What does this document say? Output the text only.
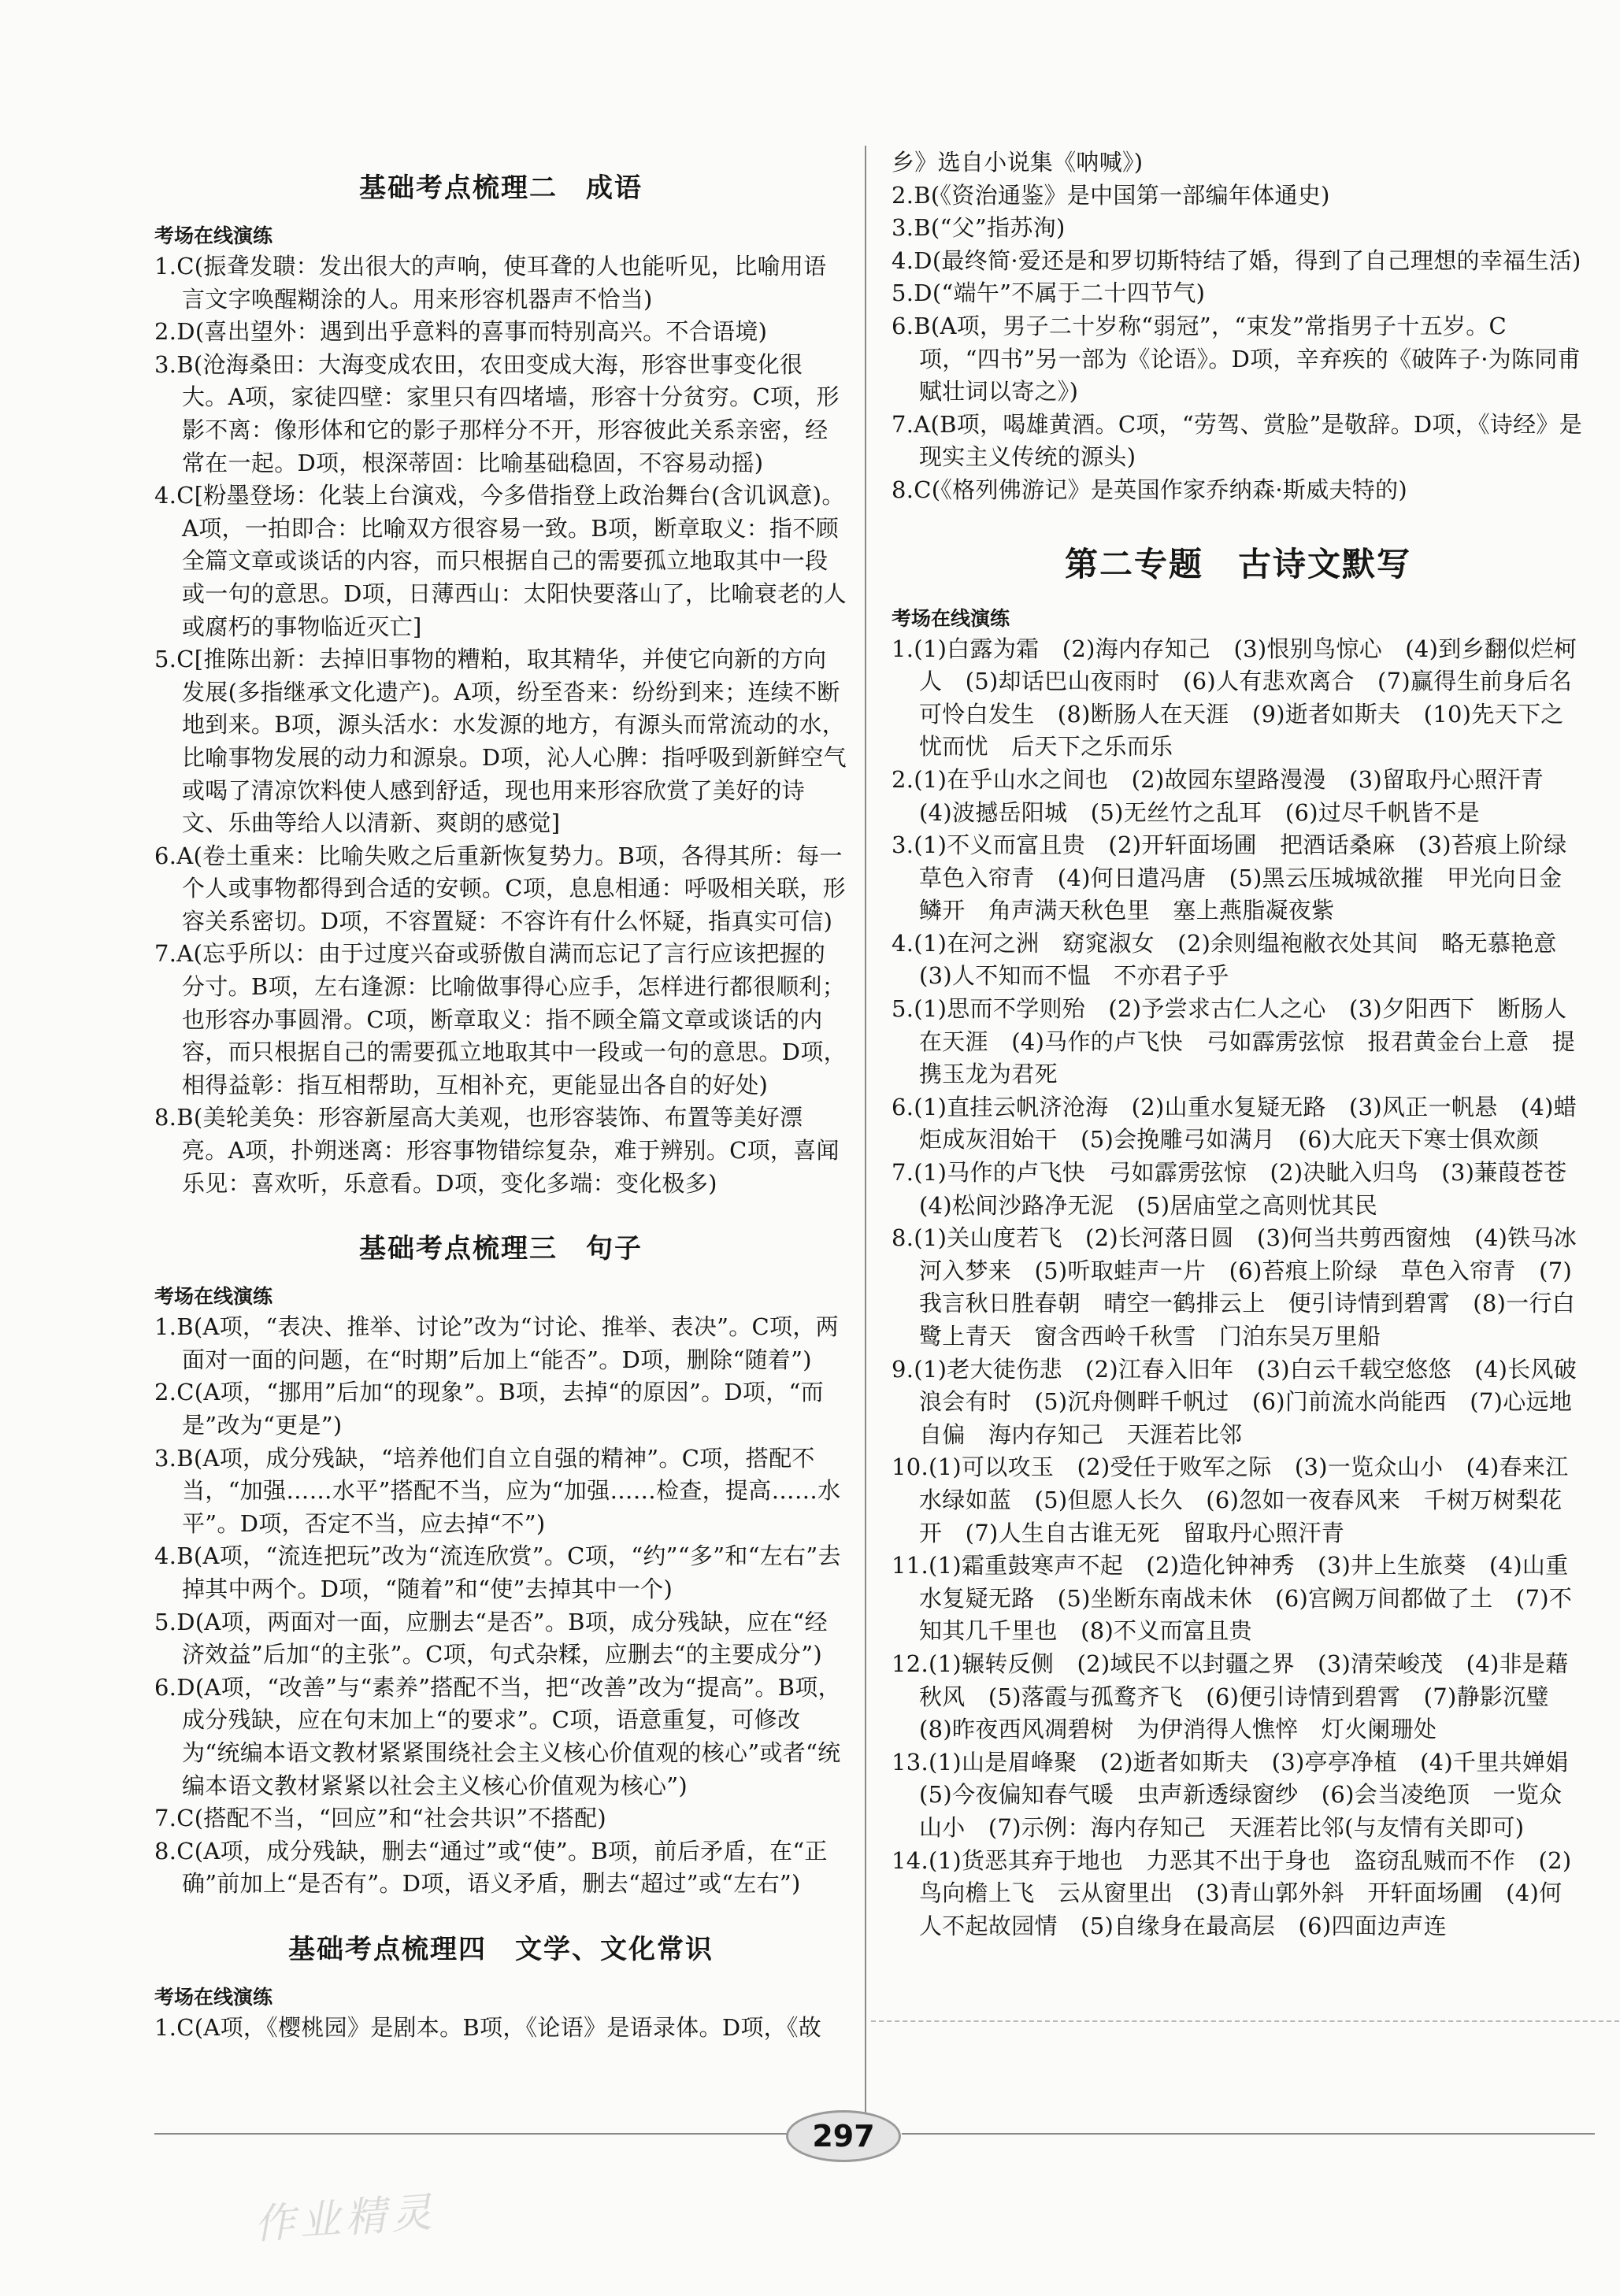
基础考点梳理二　成语
考场在线演练
1.C(振聋发聩：发出很大的声响，使耳聋的人也能听见，比喻用语言文字唤醒糊涂的人。用来形容机器声不恰当)
2.D(喜出望外：遇到出乎意料的喜事而特别高兴。不合语境)
3.B(沧海桑田：大海变成农田，农田变成大海，形容世事变化很大。A项，家徒四壁：家里只有四堵墙，形容十分贫穷。C项，形影不离：像形体和它的影子那样分不开，形容彼此关系亲密，经常在一起。D项，根深蒂固：比喻基础稳固，不容易动摇)
4.C[粉墨登场：化装上台演戏，今多借指登上政治舞台(含讥讽意)。A项，一拍即合：比喻双方很容易一致。B项，断章取义：指不顾全篇文章或谈话的内容，而只根据自己的需要孤立地取其中一段或一句的意思。D项，日薄西山：太阳快要落山了，比喻衰老的人或腐朽的事物临近灭亡]
5.C[推陈出新：去掉旧事物的糟粕，取其精华，并使它向新的方向发展(多指继承文化遗产)。A项，纷至沓来：纷纷到来；连续不断地到来。B项，源头活水：水发源的地方，有源头而常流动的水，比喻事物发展的动力和源泉。D项，沁人心脾：指呼吸到新鲜空气或喝了清凉饮料使人感到舒适，现也用来形容欣赏了美好的诗文、乐曲等给人以清新、爽朗的感觉]
6.A(卷土重来：比喻失败之后重新恢复势力。B项，各得其所：每一个人或事物都得到合适的安顿。C项，息息相通：呼吸相关联，形容关系密切。D项，不容置疑：不容许有什么怀疑，指真实可信)
7.A(忘乎所以：由于过度兴奋或骄傲自满而忘记了言行应该把握的分寸。B项，左右逢源：比喻做事得心应手，怎样进行都很顺利；也形容办事圆滑。C项，断章取义：指不顾全篇文章或谈话的内容，而只根据自己的需要孤立地取其中一段或一句的意思。D项，相得益彰：指互相帮助，互相补充，更能显出各自的好处)
8.B(美轮美奂：形容新屋高大美观，也形容装饰、布置等美好漂亮。A项，扑朔迷离：形容事物错综复杂，难于辨别。C项，喜闻乐见：喜欢听，乐意看。D项，变化多端：变化极多)
基础考点梳理三　句子
考场在线演练
1.B(A项，“表决、推举、讨论”改为“讨论、推举、表决”。C项，两面对一面的问题，在“时期”后加上“能否”。D项，删除“随着”)
2.C(A项，“挪用”后加“的现象”。B项，去掉“的原因”。D项，“而是”改为“更是”)
3.B(A项，成分残缺，“培养他们自立自强的精神”。C项，搭配不当，“加强……水平”搭配不当，应为“加强……检查，提高……水平”。D项，否定不当，应去掉“不”)
4.B(A项，“流连把玩”改为“流连欣赏”。C项，“约”“多”和“左右”去掉其中两个。D项，“随着”和“使”去掉其中一个)
5.D(A项，两面对一面，应删去“是否”。B项，成分残缺，应在“经济效益”后加“的主张”。C项，句式杂糅，应删去“的主要成分”)
6.D(A项，“改善”与“素养”搭配不当，把“改善”改为“提高”。B项，成分残缺，应在句末加上“的要求”。C项，语意重复，可修改为“统编本语文教材紧紧围绕社会主义核心价值观的核心”或者“统编本语文教材紧紧以社会主义核心价值观为核心”)
7.C(搭配不当，“回应”和“社会共识”不搭配)
8.C(A项，成分残缺，删去“通过”或“使”。B项，前后矛盾，在“正确”前加上“是否有”。D项，语义矛盾，删去“超过”或“左右”)
基础考点梳理四　文学、文化常识
考场在线演练
1.C(A项，《樱桃园》是剧本。B项，《论语》是语录体。D项，《故
乡》选自小说集《呐喊》)
2.B(《资治通鉴》是中国第一部编年体通史)
3.B(“父”指苏洵)
4.D(最终简·爱还是和罗切斯特结了婚，得到了自己理想的幸福生活)
5.D(“端午”不属于二十四节气)
6.B(A项，男子二十岁称“弱冠”，“束发”常指男子十五岁。C项，“四书”另一部为《论语》。D项，辛弃疾的《破阵子·为陈同甫赋壮词以寄之》)
7.A(B项，喝雄黄酒。C项，“劳驾、赏脸”是敬辞。D项，《诗经》是现实主义传统的源头)
8.C(《格列佛游记》是英国作家乔纳森·斯威夫特的)
第二专题　古诗文默写
考场在线演练
1.(1)白露为霜　(2)海内存知己　(3)恨别鸟惊心　(4)到乡翻似烂柯人　(5)却话巴山夜雨时　(6)人有悲欢离合　(7)赢得生前身后名　可怜白发生　(8)断肠人在天涯　(9)逝者如斯夫　(10)先天下之忧而忧　后天下之乐而乐
2.(1)在乎山水之间也　(2)故园东望路漫漫　(3)留取丹心照汗青　(4)波撼岳阳城　(5)无丝竹之乱耳　(6)过尽千帆皆不是
3.(1)不义而富且贵　(2)开轩面场圃　把酒话桑麻　(3)苔痕上阶绿　草色入帘青　(4)何日遣冯唐　(5)黑云压城城欲摧　甲光向日金鳞开　角声满天秋色里　塞上燕脂凝夜紫
4.(1)在河之洲　窈窕淑女　(2)余则缊袍敝衣处其间　略无慕艳意　(3)人不知而不愠　不亦君子乎
5.(1)思而不学则殆　(2)予尝求古仁人之心　(3)夕阳西下　断肠人在天涯　(4)马作的卢飞快　弓如霹雳弦惊　报君黄金台上意　提携玉龙为君死
6.(1)直挂云帆济沧海　(2)山重水复疑无路　(3)风正一帆悬　(4)蜡炬成灰泪始干　(5)会挽雕弓如满月　(6)大庇天下寒士俱欢颜
7.(1)马作的卢飞快　弓如霹雳弦惊　(2)决眦入归鸟　(3)蒹葭苍苍　(4)松间沙路净无泥　(5)居庙堂之高则忧其民
8.(1)关山度若飞　(2)长河落日圆　(3)何当共剪西窗烛　(4)铁马冰河入梦来　(5)听取蛙声一片　(6)苔痕上阶绿　草色入帘青　(7)我言秋日胜春朝　晴空一鹤排云上　便引诗情到碧霄　(8)一行白鹭上青天　窗含西岭千秋雪　门泊东吴万里船
9.(1)老大徒伤悲　(2)江春入旧年　(3)白云千载空悠悠　(4)长风破浪会有时　(5)沉舟侧畔千帆过　(6)门前流水尚能西　(7)心远地自偏　海内存知己　天涯若比邻
10.(1)可以攻玉　(2)受任于败军之际　(3)一览众山小　(4)春来江水绿如蓝　(5)但愿人长久　(6)忽如一夜春风来　千树万树梨花开　(7)人生自古谁无死　留取丹心照汗青
11.(1)霜重鼓寒声不起　(2)造化钟神秀　(3)井上生旅葵　(4)山重水复疑无路　(5)坐断东南战未休　(6)宫阙万间都做了土　(7)不知其几千里也　(8)不义而富且贵
12.(1)辗转反侧　(2)域民不以封疆之界　(3)清荣峻茂　(4)非是藉秋风　(5)落霞与孤鹜齐飞　(6)便引诗情到碧霄　(7)静影沉璧　(8)昨夜西风凋碧树　为伊消得人憔悴　灯火阑珊处
13.(1)山是眉峰聚　(2)逝者如斯夫　(3)亭亭净植　(4)千里共婵娟　(5)今夜偏知春气暖　虫声新透绿窗纱　(6)会当凌绝顶　一览众山小　(7)示例：海内存知己　天涯若比邻(与友情有关即可)
14.(1)货恶其弃于地也　力恶其不出于身也　盗窃乱贼而不作　(2)鸟向檐上飞　云从窗里出　(3)青山郭外斜　开轩面场圃　(4)何人不起故园情　(5)自缘身在最高层　(6)四面边声连
297
作业精灵
